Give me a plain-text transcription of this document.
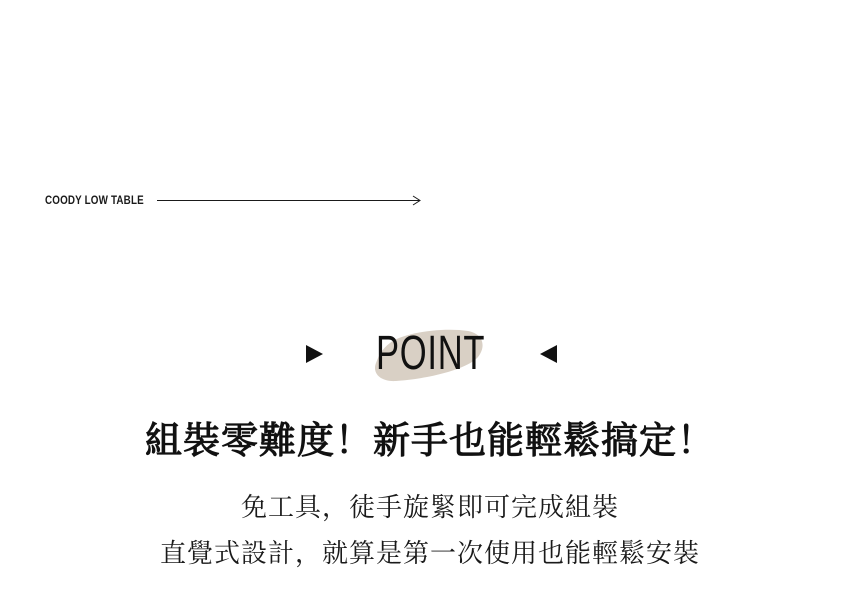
COODY LOW TABLE
POINT
組裝零難度！新手也能輕鬆搞定！
免工具，徒手旋緊即可完成組裝
直覺式設計，就算是第一次使用也能輕鬆安裝
